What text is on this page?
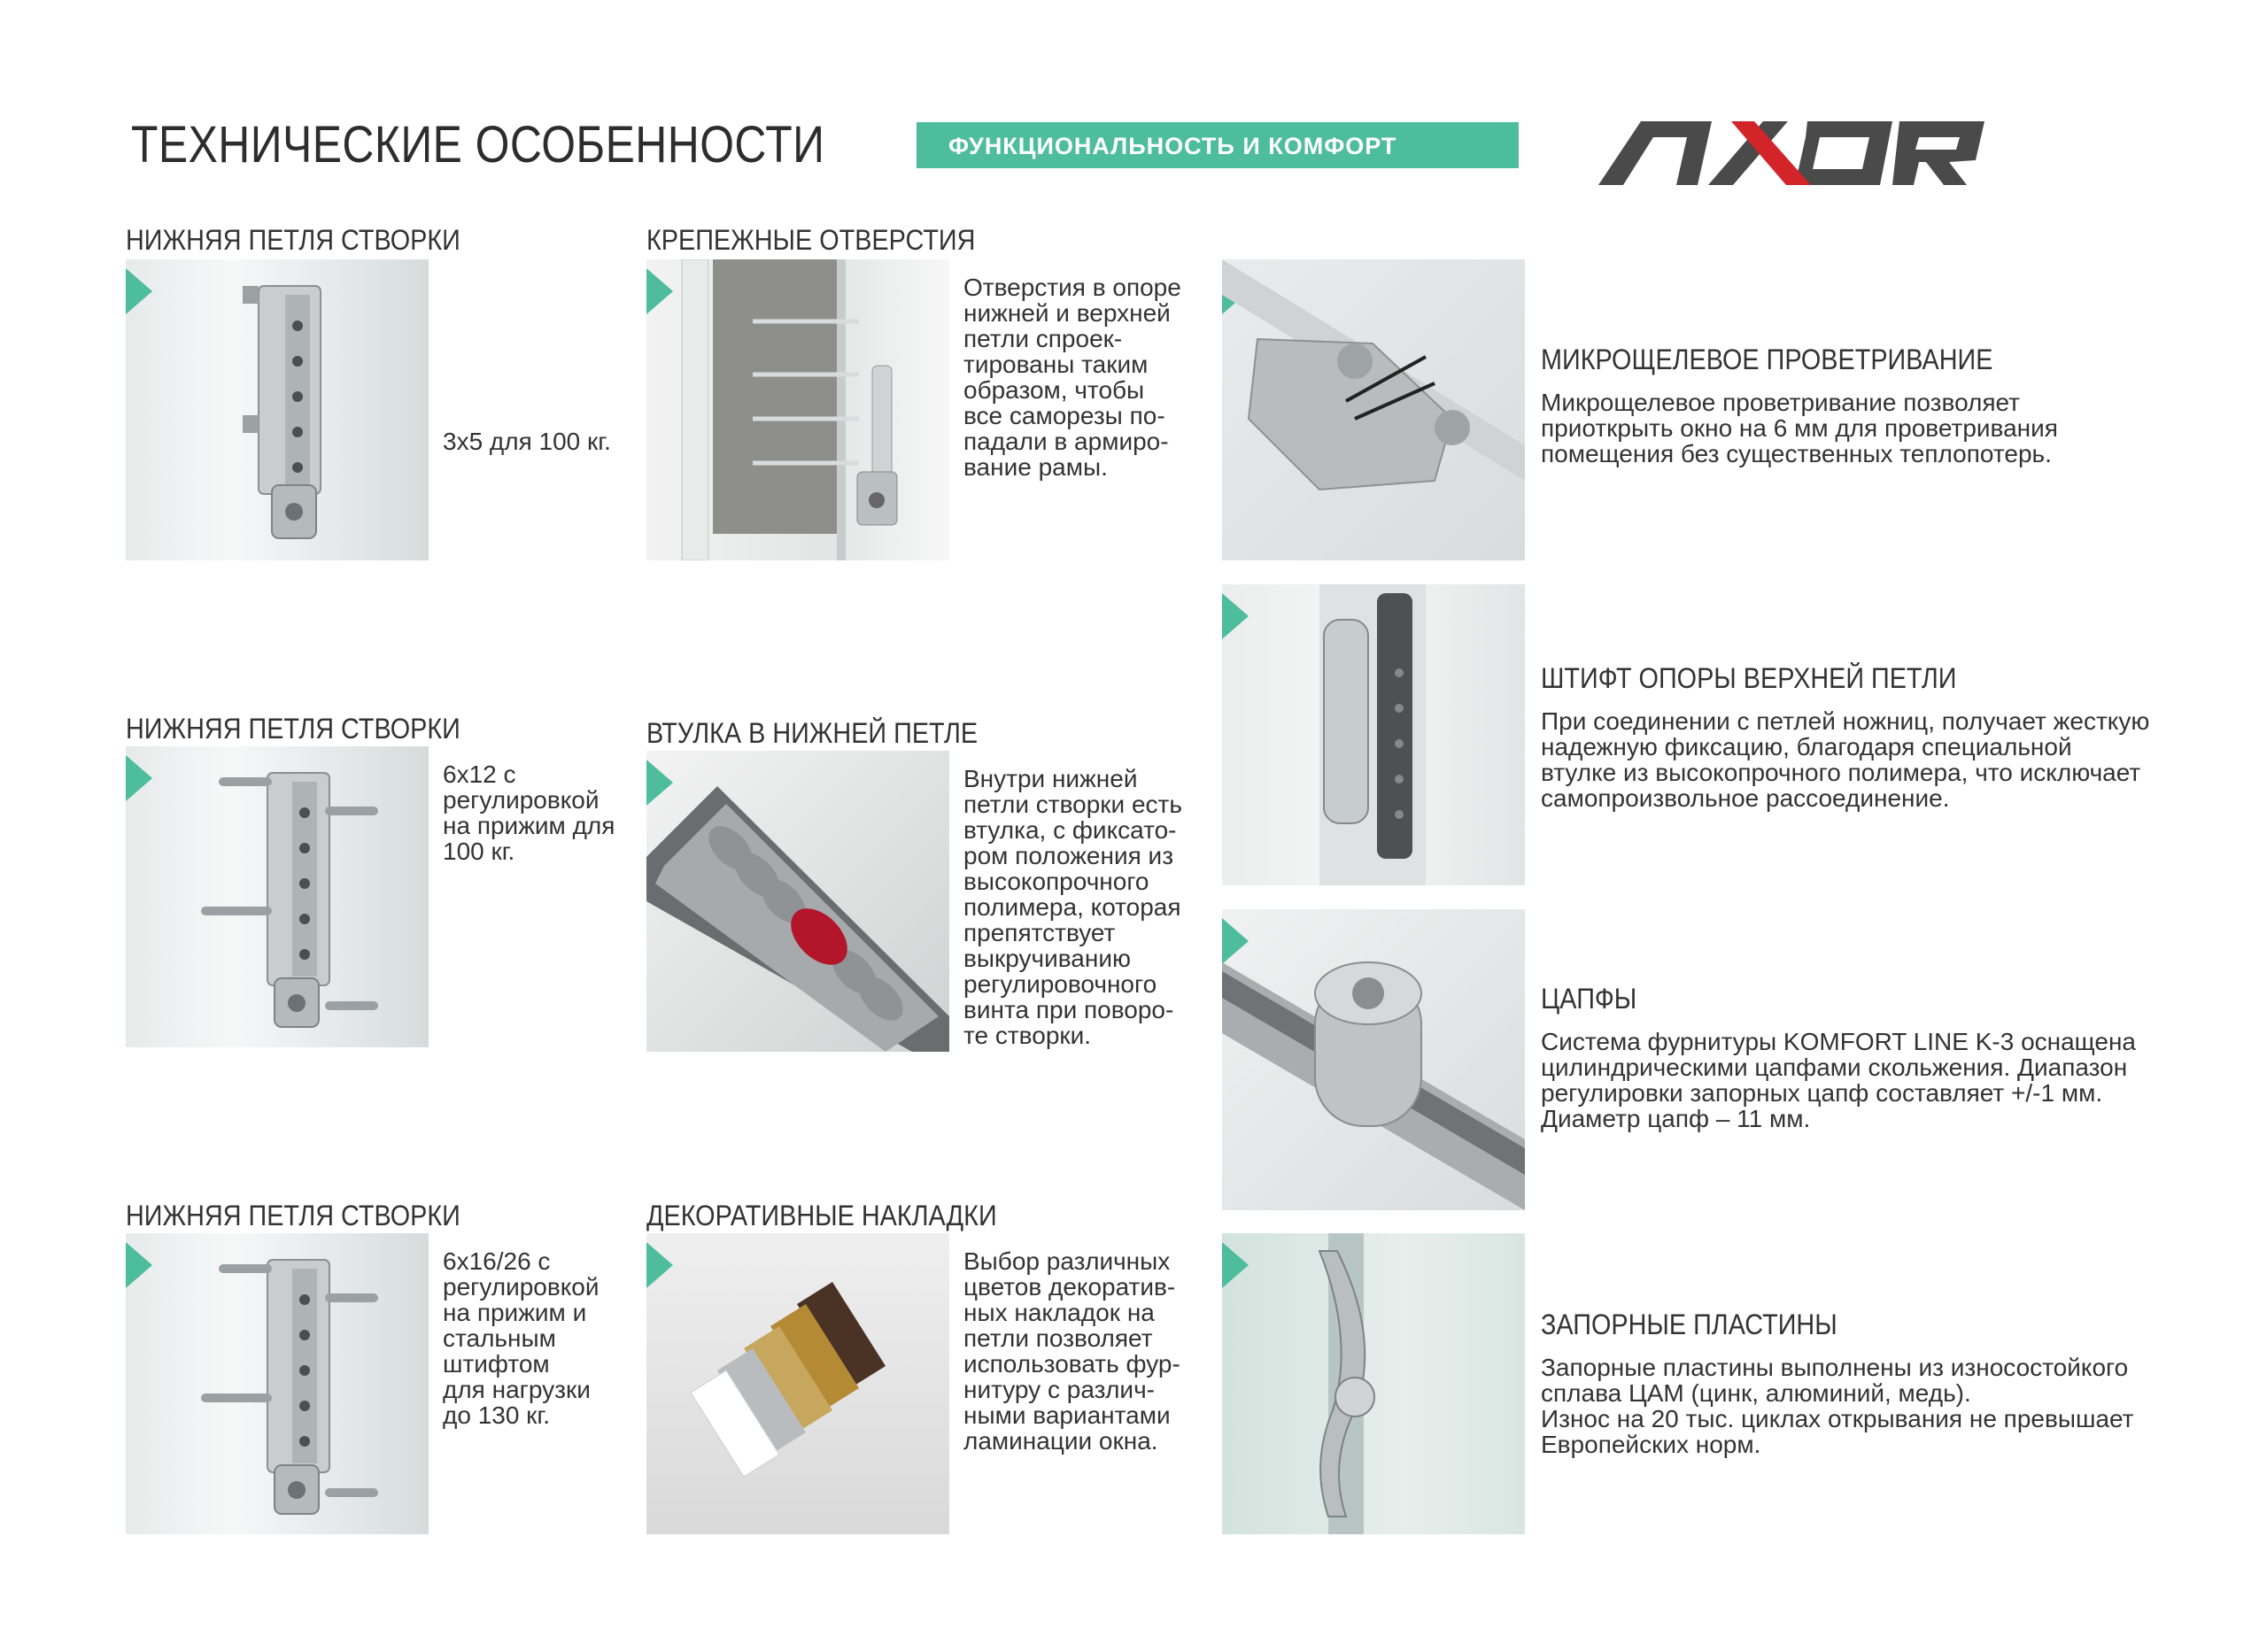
ТЕХНИЧЕСКИЕ ОСОБЕННОСТИ	ФУНКЦИОНАЛЬНОСТЬ И КОМФОРТ
НИЖНЯЯ ПЕТЛЯ СТВОРКИ
3x5 для 100 кг.
НИЖНЯЯ ПЕТЛЯ СТВОРКИ
6x12 с
регулировкой
на прижим для
100 кг.
НИЖНЯЯ ПЕТЛЯ СТВОРКИ
6x16/26 с
регулировкой
на прижим и
стальным
штифтом
для нагрузки
до 130 кг.
КРЕПЕЖНЫЕ ОТВЕРСТИЯ
Отверстия в опоре
нижней и верхней
петли спроек-
тированы таким
образом, чтобы
все саморезы по-
падали в армиро-
вание рамы.
ВТУЛКА В НИЖНЕЙ ПЕТЛЕ
Внутри нижней
петли створки есть
втулка, с фиксато-
ром положения из
высокопрочного
полимера, которая
препятствует
выкручиванию
регулировочного
винта при поворо-
те створки.
ДЕКОРАТИВНЫЕ НАКЛАДКИ
Выбор различных
цветов декоратив-
ных накладок на
петли позволяет
использовать фур-
нитуру с различ-
ными вариантами
ламинации окна.
МИКРОЩЕЛЕВОЕ ПРОВЕТРИВАНИЕ
Микрощелевое проветривание позволяет
приоткрыть окно на 6 мм для проветривания
помещения без существенных теплопотерь.
ШТИФТ ОПОРЫ ВЕРХНЕЙ ПЕТЛИ
При соединении с петлей ножниц, получает жесткую
надежную фиксацию, благодаря специальной
втулке из высокопрочного полимера, что исключает
самопроизвольное рассоединение.
ЦАПФЫ
Система фурнитуры KOMFORT LINE K-3 оснащена
цилиндрическими цапфами скольжения. Диапазон
регулировки запорных цапф составляет +/-1 мм.
Диаметр цапф – 11 мм.
ЗАПОРНЫЕ ПЛАСТИНЫ
Запорные пластины выполнены из износостойкого
сплава ЦАМ (цинк, алюминий, медь).
Износ на 20 тыс. циклах открывания не превышает
Европейских норм.
